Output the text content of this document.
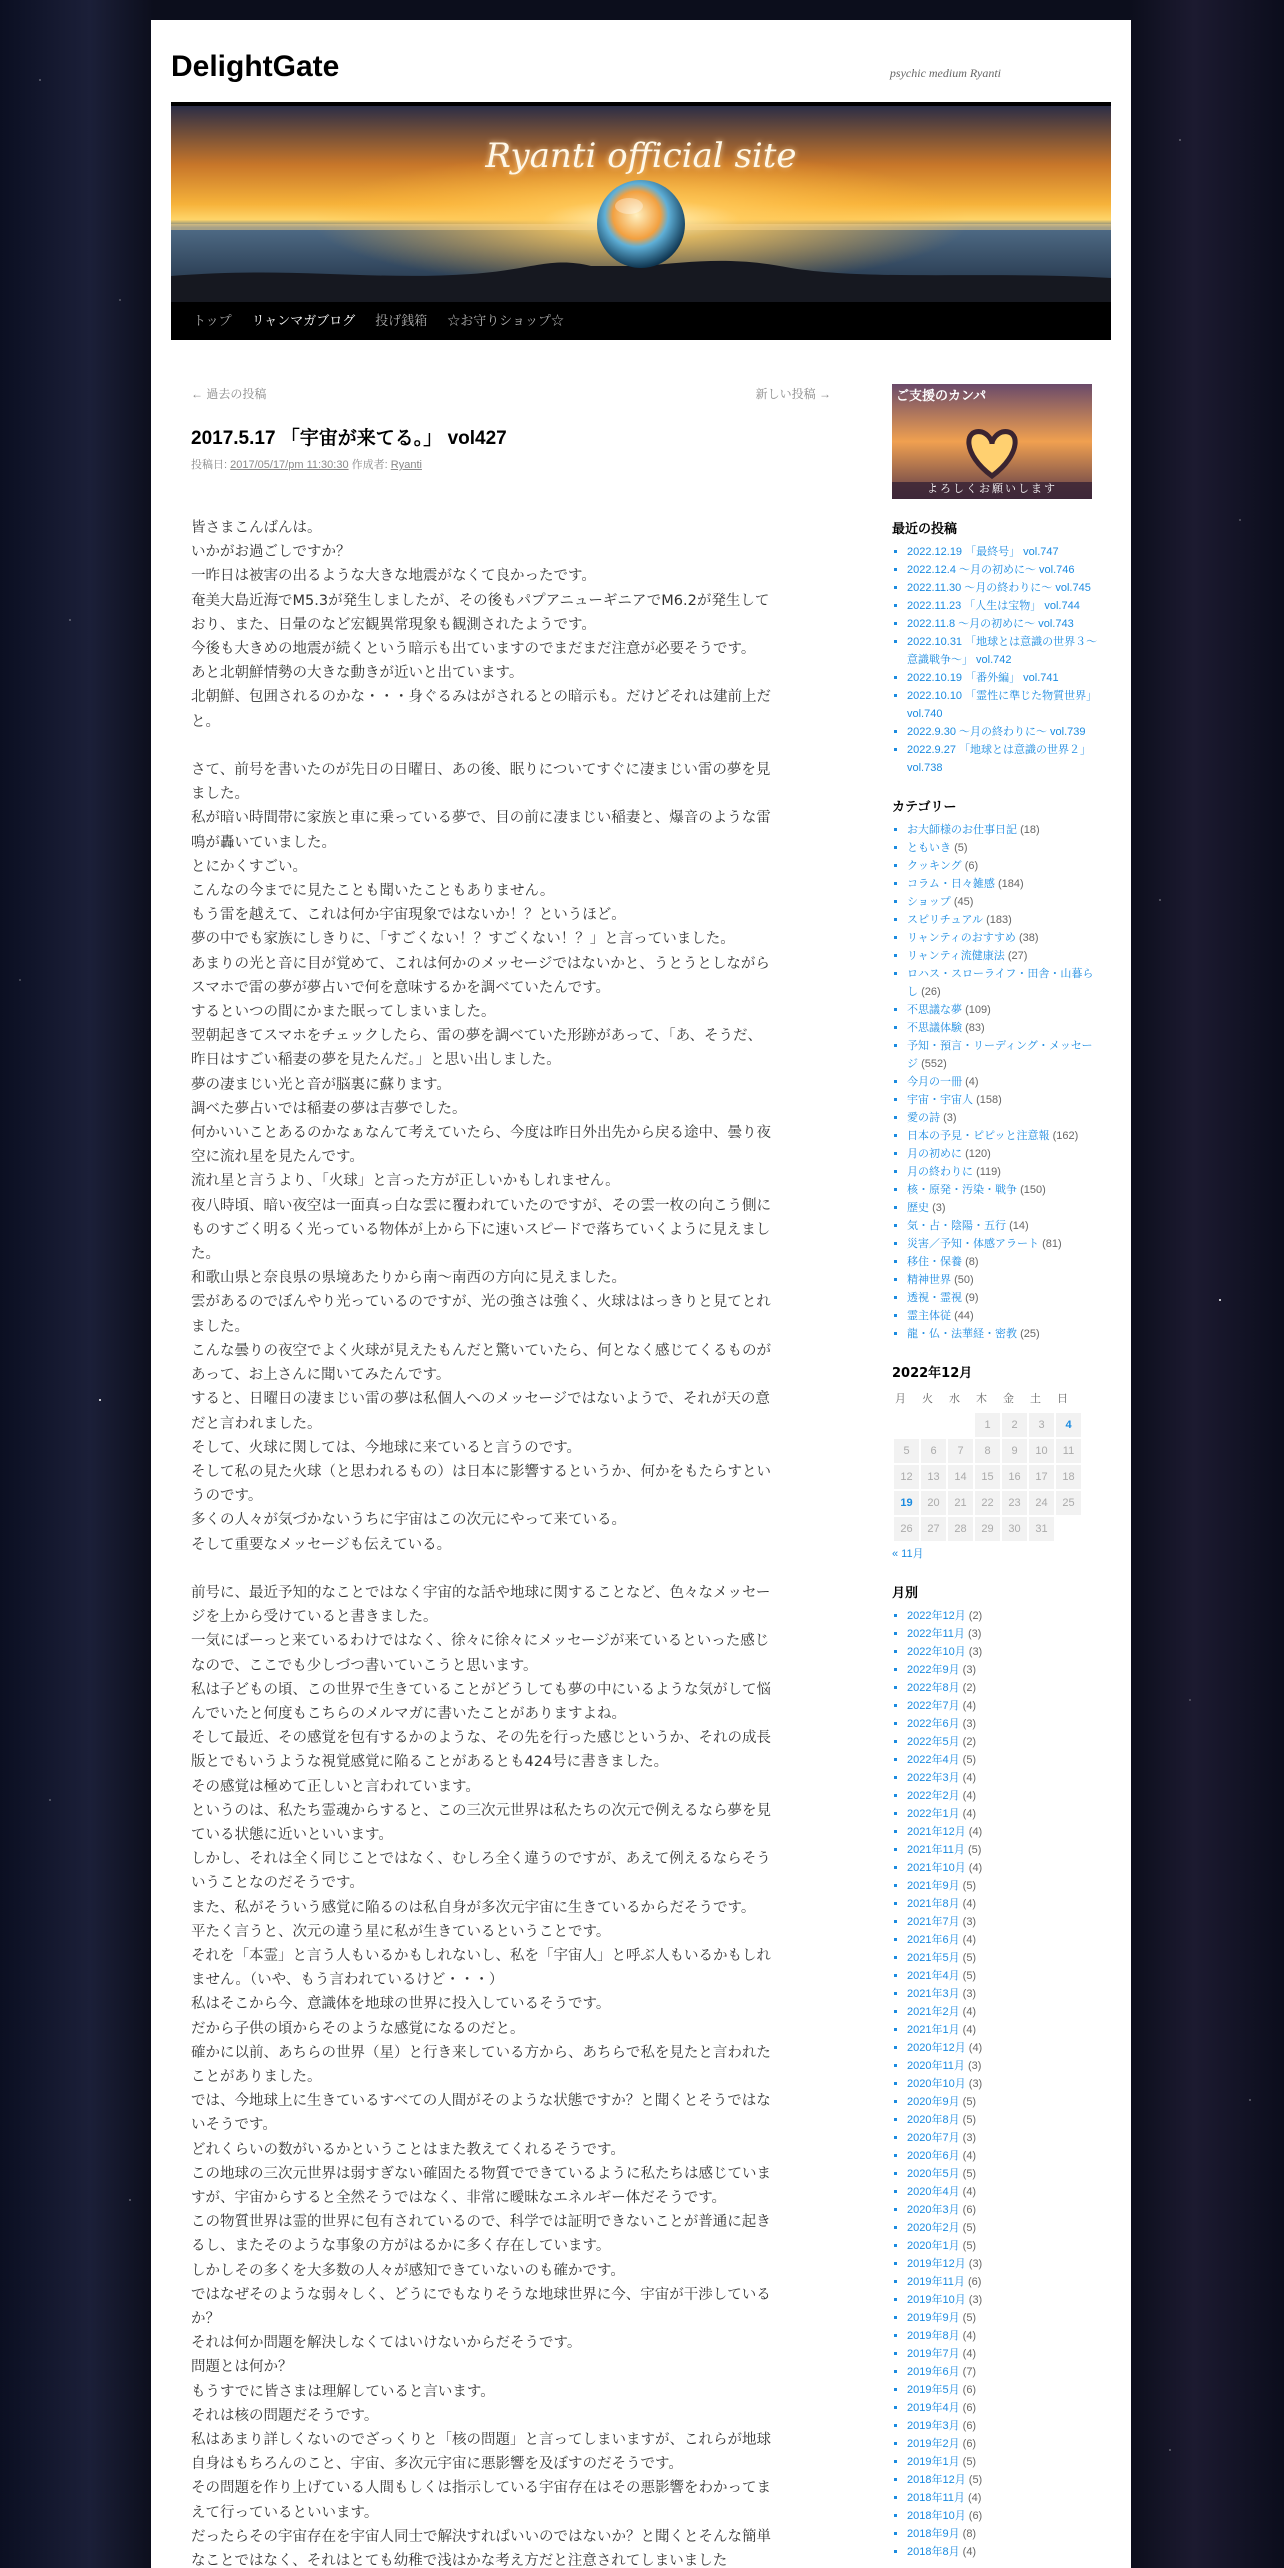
DelightGate	psychic medium Ryanti
Ryanti official site
トップ	リャンマガブログ	投げ銭箱	☆お守りショップ☆
← 過去の投稿	新しい投稿 →
2017.5.17 「宇宙が来てる。」 vol427
投稿日: 2017/05/17/pm 11:30:30 作成者: Ryanti

皆さまこんばんは。
いかがお過ごしですか？
一昨日は被害の出るような大きな地震がなくて良かったです。
奄美大島近海でM5.3が発生しましたが、その後もパプアニューギニアでM6.2が発生して
おり、また、日暈のなど宏観異常現象も観測されたようです。
今後も大きめの地震が続くという暗示も出ていますのでまだまだ注意が必要そうです。
あと北朝鮮情勢の大きな動きが近いと出ています。
北朝鮮、包囲されるのかな・・・身ぐるみはがされるとの暗示も。だけどそれは建前上だ
と。

さて、前号を書いたのが先日の日曜日、あの後、眠りについてすぐに凄まじい雷の夢を見
ました。
私が暗い時間帯に家族と車に乗っている夢で、目の前に凄まじい稲妻と、爆音のような雷
鳴が轟いていました。
とにかくすごい。
こんなの今までに見たことも聞いたこともありません。
もう雷を越えて、これは何か宇宙現象ではないか！？というほど。
夢の中でも家族にしきりに、「すごくない！？すごくない！？」と言っていました。
あまりの光と音に目が覚めて、これは何かのメッセージではないかと、うとうとしながら
スマホで雷の夢が夢占いで何を意味するかを調べていたんです。
するといつの間にかまた眠ってしまいました。
翌朝起きてスマホをチェックしたら、雷の夢を調べていた形跡があって、「あ、そうだ、
昨日はすごい稲妻の夢を見たんだ。」と思い出しました。
夢の凄まじい光と音が脳裏に蘇ります。
調べた夢占いでは稲妻の夢は吉夢でした。
何かいいことあるのかなぁなんて考えていたら、今度は昨日外出先から戻る途中、曇り夜
空に流れ星を見たんです。
流れ星と言うより、「火球」と言った方が正しいかもしれません。
夜八時頃、暗い夜空は一面真っ白な雲に覆われていたのですが、その雲一枚の向こう側に
ものすごく明るく光っている物体が上から下に速いスピードで落ちていくように見えまし
た。
和歌山県と奈良県の県境あたりから南～南西の方向に見えました。
雲があるのでぼんやり光っているのですが、光の強さは強く、火球ははっきりと見てとれ
ました。
こんな曇りの夜空でよく火球が見えたもんだと驚いていたら、何となく感じてくるものが
あって、お上さんに聞いてみたんです。
すると、日曜日の凄まじい雷の夢は私個人へのメッセージではないようで、それが天の意
だと言われました。
そして、火球に関しては、今地球に来ていると言うのです。
そして私の見た火球（と思われるもの）は日本に影響するというか、何かをもたらすとい
うのです。
多くの人々が気づかないうちに宇宙はこの次元にやって来ている。
そして重要なメッセージも伝えている。

前号に、最近予知的なことではなく宇宙的な話や地球に関することなど、色々なメッセー
ジを上から受けていると書きました。
一気にばーっと来ているわけではなく、徐々に徐々にメッセージが来ているといった感じ
なので、ここでも少しづつ書いていこうと思います。
私は子どもの頃、この世界で生きていることがどうしても夢の中にいるような気がして悩
んでいたと何度もこちらのメルマガに書いたことがありますよね。
そして最近、その感覚を包有するかのような、その先を行った感じというか、それの成長
版とでもいうような視覚感覚に陥ることがあるとも424号に書きました。
その感覚は極めて正しいと言われています。
というのは、私たち霊魂からすると、この三次元世界は私たちの次元で例えるなら夢を見
ている状態に近いといいます。
しかし、それは全く同じことではなく、むしろ全く違うのですが、あえて例えるならそう
いうことなのだそうです。
また、私がそういう感覚に陥るのは私自身が多次元宇宙に生きているからだそうです。
平たく言うと、次元の違う星に私が生きているということです。
それを「本霊」と言う人もいるかもしれないし、私を「宇宙人」と呼ぶ人もいるかもしれ
ません。（いや、もう言われているけど・・・）
私はそこから今、意識体を地球の世界に投入しているそうです。
だから子供の頃からそのような感覚になるのだと。
確かに以前、あちらの世界（星）と行き来している方から、あちらで私を見たと言われた
ことがありました。
では、今地球上に生きているすべての人間がそのような状態ですか？と聞くとそうではな
いそうです。
どれくらいの数がいるかということはまた教えてくれるそうです。
この地球の三次元世界は弱すぎない確固たる物質でできているように私たちは感じていま
すが、宇宙からすると全然そうではなく、非常に曖昧なエネルギー体だそうです。
この物質世界は霊的世界に包有されているので、科学では証明できないことが普通に起き
るし、またそのような事象の方がはるかに多く存在しています。
しかしその多くを大多数の人々が感知できていないのも確かです。
ではなぜそのような弱々しく、どうにでもなりそうな地球世界に今、宇宙が干渉している
か？
それは何か問題を解決しなくてはいけないからだそうです。
問題とは何か？
もうすでに皆さまは理解していると言います。
それは核の問題だそうです。
私はあまり詳しくないのでざっくりと「核の問題」と言ってしまいますが、これらが地球
自身はもちろんのこと、宇宙、多次元宇宙に悪影響を及ぼすのだそうです。
その問題を作り上げている人間もしくは指示している宇宙存在はその悪影響をわかってま
えて行っているといいます。
だったらその宇宙存在を宇宙人同士で解決すればいいのではないか？と聞くとそんな簡単
なことではなく、それはとても幼稚で浅はかな考え方だと注意されてしまいました

ご支援のカンパ
よろしくお願いします
最近の投稿
▪ 2022.12.19 「最終号」 vol.747
▪ 2022.12.4 ～月の初めに～ vol.746
▪ 2022.11.30 ～月の終わりに～ vol.745
▪ 2022.11.23 「人生は宝物」 vol.744
▪ 2022.11.8 ～月の初めに～ vol.743
▪ 2022.10.31 「地球とは意識の世界３～意識戦争～」 vol.742
▪ 2022.10.19 「番外編」 vol.741
▪ 2022.10.10 「霊性に準じた物質世界」 vol.740
▪ 2022.9.30 ～月の終わりに～ vol.739
▪ 2022.9.27 「地球とは意識の世界２」 vol.738
カテゴリー
▪ お大師様のお仕事日記 (18)
▪ ともいき (5)
▪ クッキング (6)
▪ コラム・日々雑感 (184)
▪ ショップ (45)
▪ スピリチュアル (183)
▪ リャンティのおすすめ (38)
▪ リャンティ流健康法 (27)
▪ ロハス・スローライフ・田舎・山暮らし (26)
▪ 不思議な夢 (109)
▪ 不思議体験 (83)
▪ 予知・預言・リーディング・メッセージ (552)
▪ 今月の一冊 (4)
▪ 宇宙・宇宙人 (158)
▪ 愛の詩 (3)
▪ 日本の予見・ピピッと注意報 (162)
▪ 月の初めに (120)
▪ 月の終わりに (119)
▪ 核・原発・汚染・戦争 (150)
▪ 歴史 (3)
▪ 気・占・陰陽・五行 (14)
▪ 災害／予知・体感アラート (81)
▪ 移住・保養 (8)
▪ 精神世界 (50)
▪ 透視・霊視 (9)
▪ 霊主体従 (44)
▪ 龍・仏・法華経・密教 (25)
2022年12月
月	火	水	木	金	土	日
			1	2	3	4
5	6	7	8	9	10	11
12	13	14	15	16	17	18
19	20	21	22	23	24	25
26	27	28	29	30	31	
« 11月
月別
▪ 2022年12月 (2)
▪ 2022年11月 (3)
▪ 2022年10月 (3)
▪ 2022年9月 (3)
▪ 2022年8月 (2)
▪ 2022年7月 (4)
▪ 2022年6月 (3)
▪ 2022年5月 (2)
▪ 2022年4月 (5)
▪ 2022年3月 (4)
▪ 2022年2月 (4)
▪ 2022年1月 (4)
▪ 2021年12月 (4)
▪ 2021年11月 (5)
▪ 2021年10月 (4)
▪ 2021年9月 (5)
▪ 2021年8月 (4)
▪ 2021年7月 (3)
▪ 2021年6月 (4)
▪ 2021年5月 (5)
▪ 2021年4月 (5)
▪ 2021年3月 (3)
▪ 2021年2月 (4)
▪ 2021年1月 (4)
▪ 2020年12月 (4)
▪ 2020年11月 (3)
▪ 2020年10月 (3)
▪ 2020年9月 (5)
▪ 2020年8月 (5)
▪ 2020年7月 (3)
▪ 2020年6月 (4)
▪ 2020年5月 (5)
▪ 2020年4月 (4)
▪ 2020年3月 (6)
▪ 2020年2月 (5)
▪ 2020年1月 (5)
▪ 2019年12月 (3)
▪ 2019年11月 (6)
▪ 2019年10月 (3)
▪ 2019年9月 (5)
▪ 2019年8月 (4)
▪ 2019年7月 (4)
▪ 2019年6月 (7)
▪ 2019年5月 (6)
▪ 2019年4月 (6)
▪ 2019年3月 (6)
▪ 2019年2月 (6)
▪ 2019年1月 (5)
▪ 2018年12月 (5)
▪ 2018年11月 (4)
▪ 2018年10月 (6)
▪ 2018年9月 (8)
▪ 2018年8月 (4)
